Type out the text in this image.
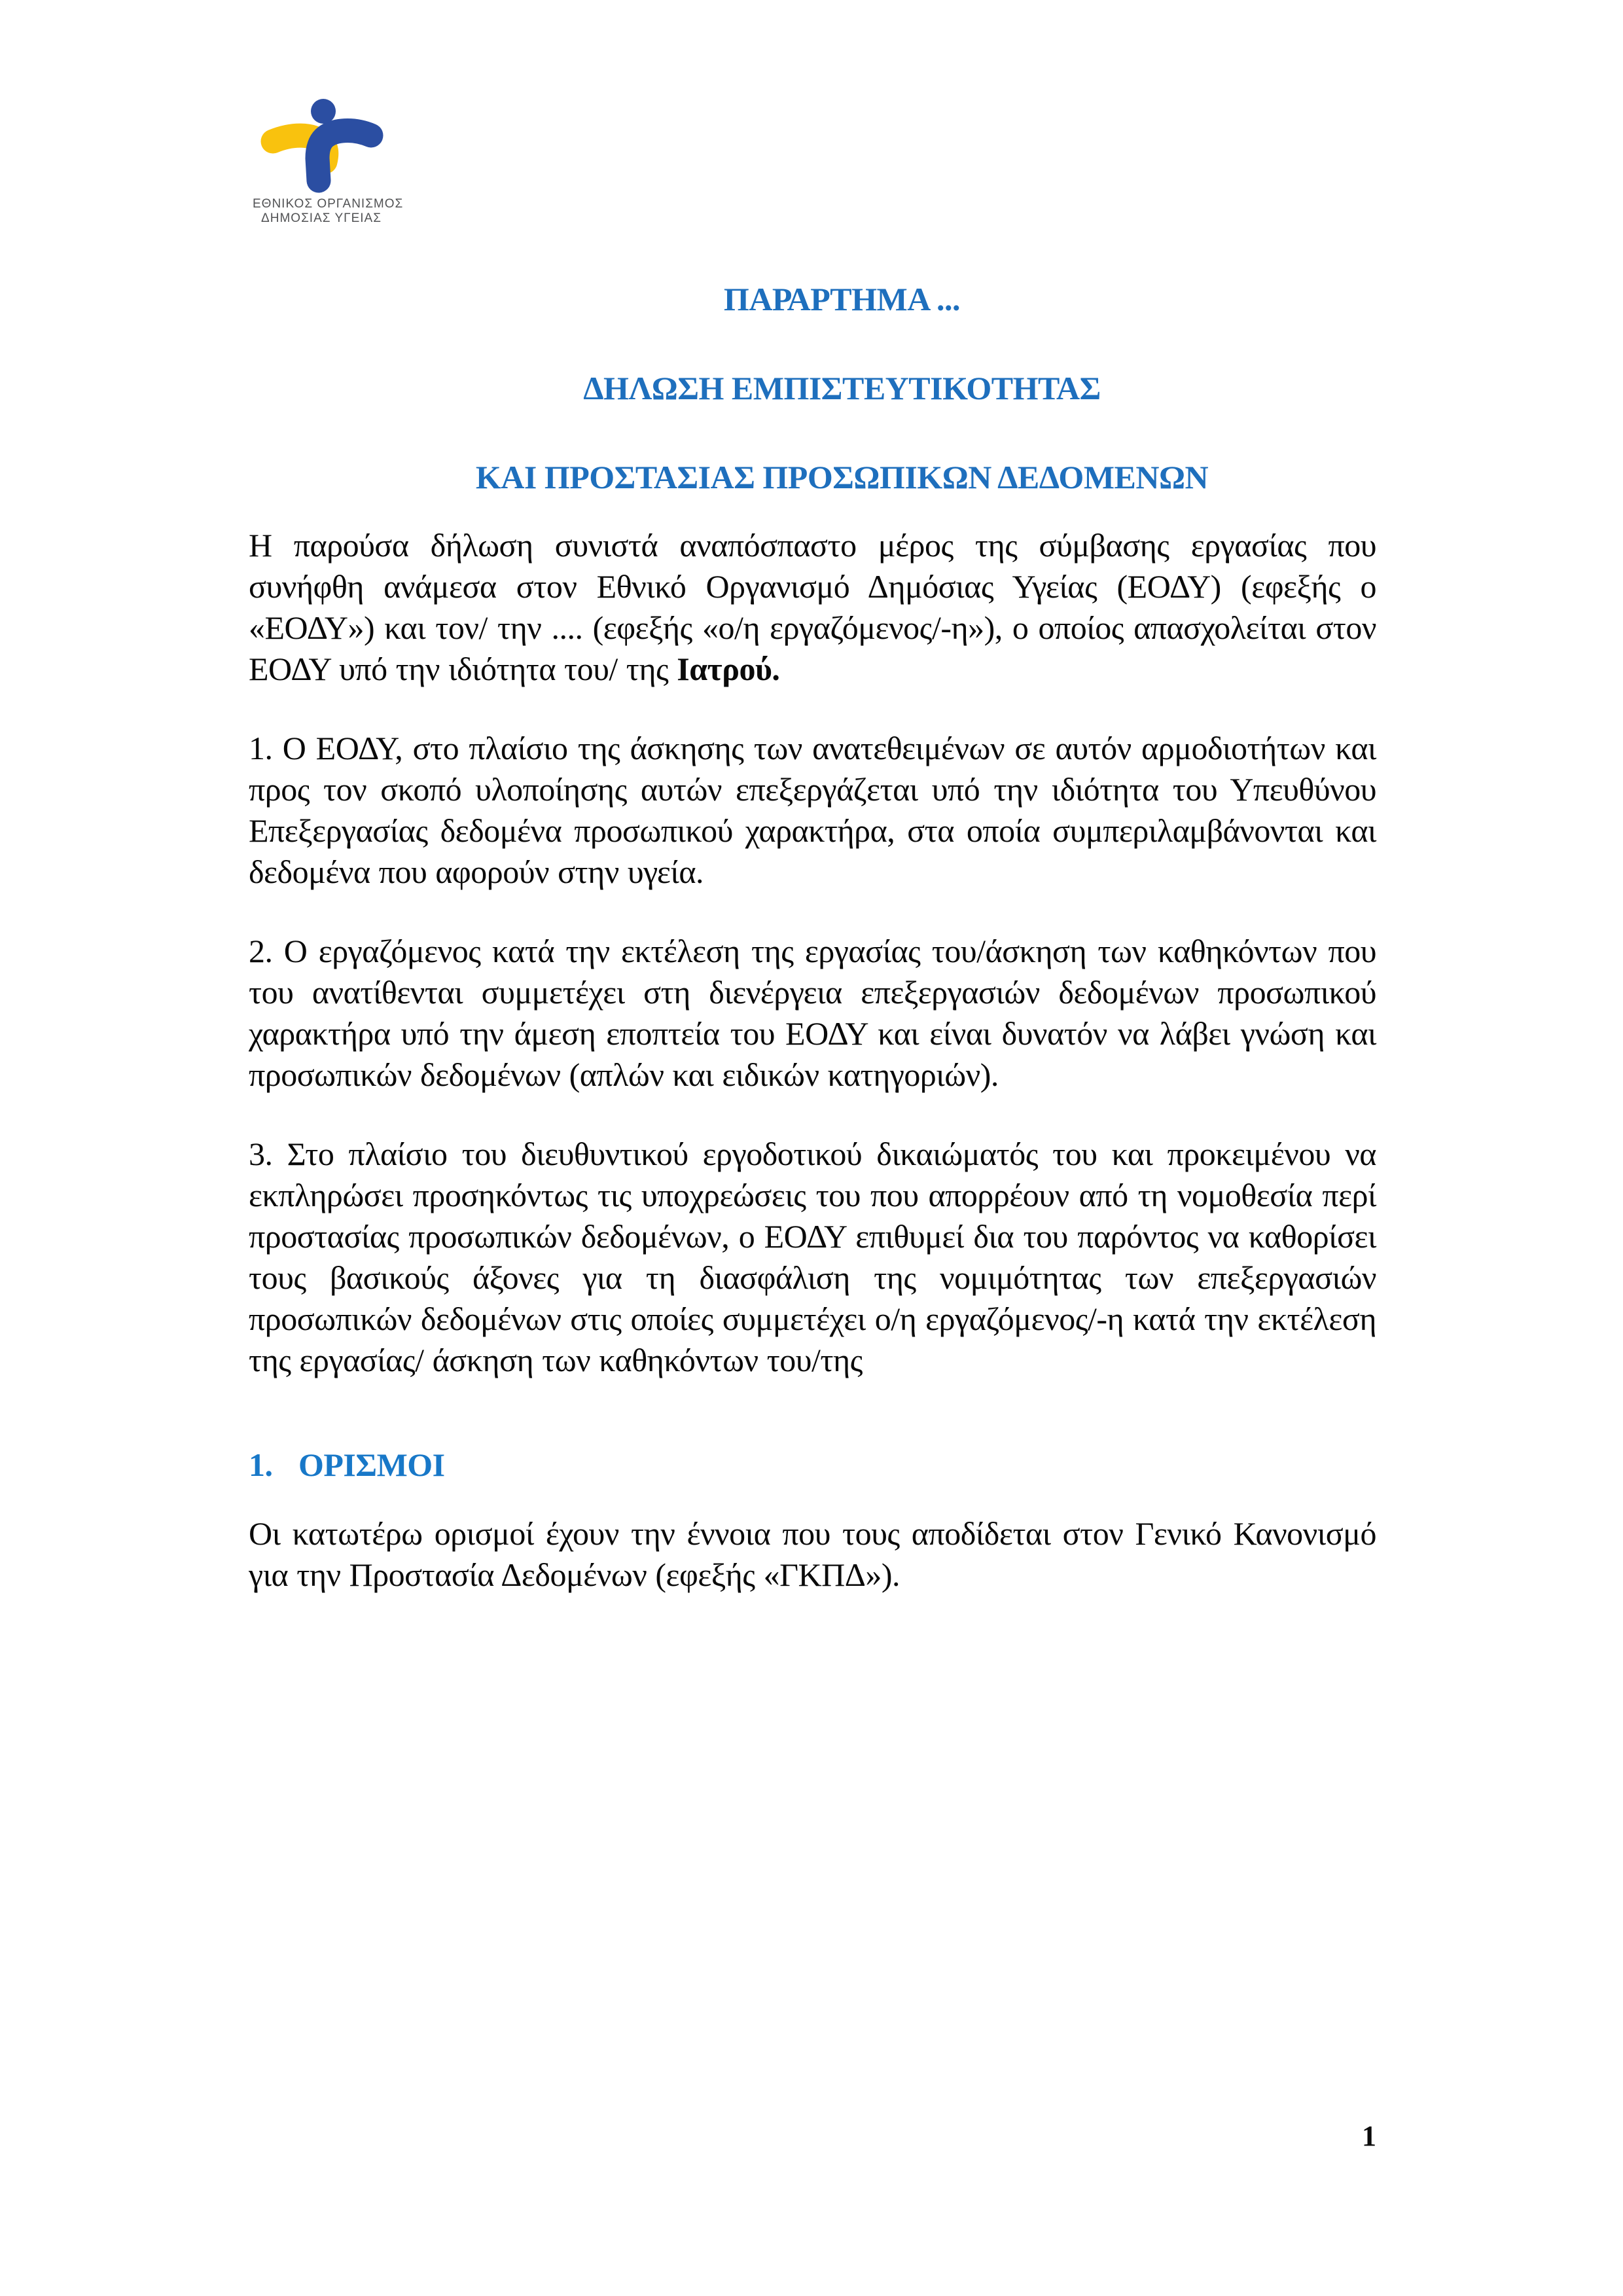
ΕΘΝΙΚΟΣ ΟΡΓΑΝΙΣΜΟΣ
ΔΗΜΟΣΙΑΣ ΥΓΕΙΑΣ
ΠΑΡΑΡΤΗΜΑ ...
ΔΗΛΩΣΗ ΕΜΠΙΣΤΕΥΤΙΚΟΤΗΤΑΣ
ΚΑΙ ΠΡΟΣΤΑΣΙΑΣ ΠΡΟΣΩΠΙΚΩΝ ΔΕΔΟΜΕΝΩΝ

Η παρούσα δήλωση συνιστά αναπόσπαστο μέρος της σύμβασης εργασίας που συνήφθη ανάμεσα στον Εθνικό Οργανισμό Δημόσιας Υγείας (ΕΟΔΥ) (εφεξής ο «ΕΟΔΥ») και τον/ την .... (εφεξής «ο/η εργαζόμενος/-η»), ο οποίος απασχολείται στον ΕΟΔΥ υπό την ιδιότητα του/ της Ιατρού.

1. Ο ΕΟΔΥ, στο πλαίσιο της άσκησης των ανατεθειμένων σε αυτόν αρμοδιοτήτων και προς τον σκοπό υλοποίησης αυτών επεξεργάζεται υπό την ιδιότητα του Υπευθύνου Επεξεργασίας δεδομένα προσωπικού χαρακτήρα, στα οποία συμπεριλαμβάνονται και δεδομένα που αφορούν στην υγεία.

2. Ο εργαζόμενος κατά την εκτέλεση της εργασίας του/άσκηση των καθηκόντων που του ανατίθενται συμμετέχει στη διενέργεια επεξεργασιών δεδομένων προσωπικού χαρακτήρα υπό την άμεση εποπτεία του ΕΟΔΥ και είναι δυνατόν να λάβει γνώση και προσωπικών δεδομένων (απλών και ειδικών κατηγοριών).

3. Στο πλαίσιο του διευθυντικού εργοδοτικού δικαιώματός του και προκειμένου να εκπληρώσει προσηκόντως τις υποχρεώσεις του που απορρέουν από τη νομοθεσία περί προστασίας προσωπικών δεδομένων, ο ΕΟΔΥ επιθυμεί δια του παρόντος να καθορίσει τους βασικούς άξονες για τη διασφάλιση της νομιμότητας των επεξεργασιών προσωπικών δεδομένων στις οποίες συμμετέχει ο/η εργαζόμενος/-η κατά την εκτέλεση της εργασίας/ άσκηση των καθηκόντων του/της

1. ΟΡΙΣΜΟΙ

Οι κατωτέρω ορισμοί έχουν την έννοια που τους αποδίδεται στον Γενικό Κανονισμό για την Προστασία Δεδομένων (εφεξής «ΓΚΠΔ»).

1
